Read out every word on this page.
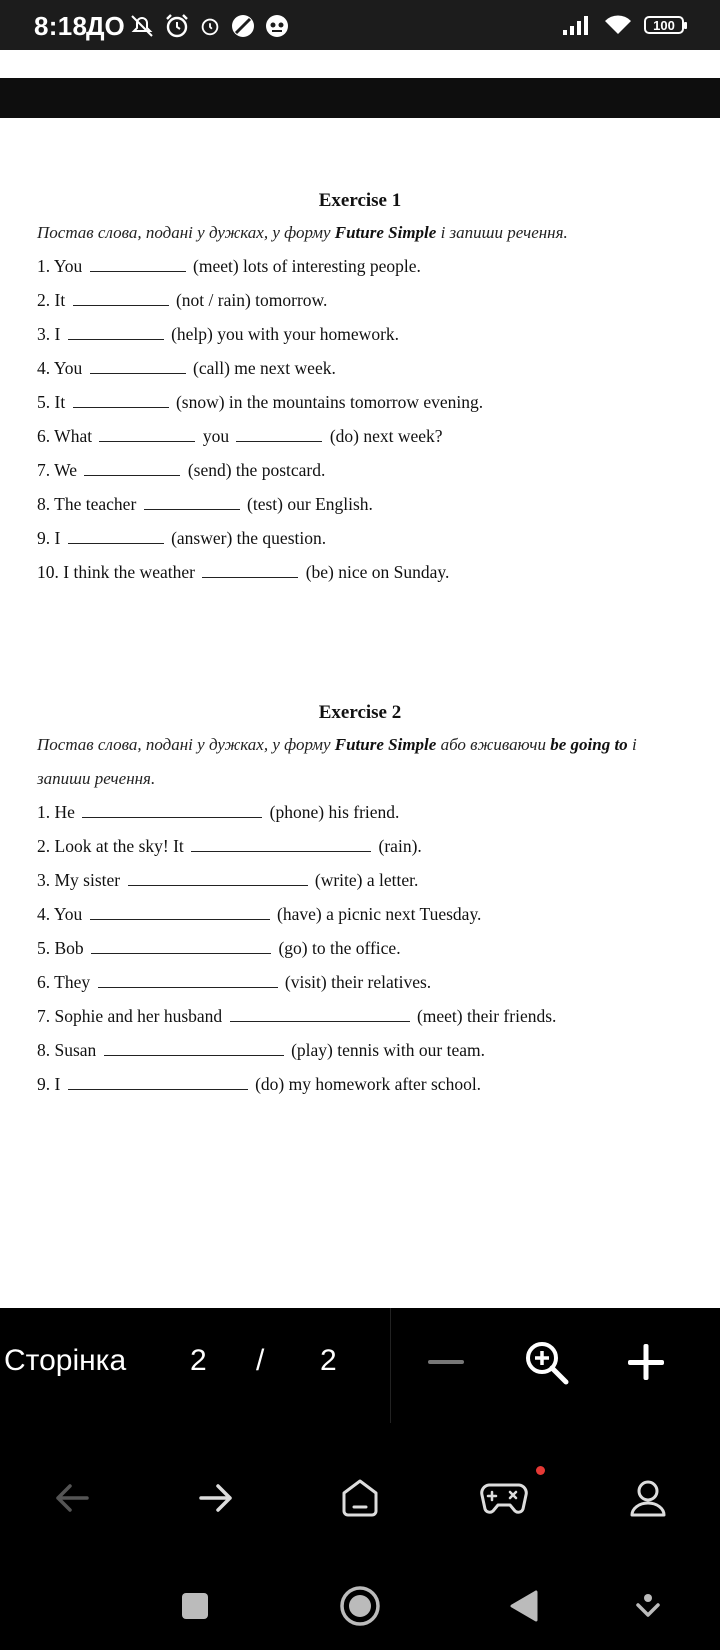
8:18
ДО	100
Exercise 1
Постав слова, подані у дужках, у форму Future Simple і запиши речення.
1. You	(meet) lots of interesting people.
2. It	(not / rain) tomorrow.
3. I	(help) you with your homework.
4. You	(call) me next week.
5. It	(snow) in the mountains tomorrow evening.
6. What	you	(do) next week?
7. We	(send) the postcard.
8. The teacher	(test) our English.
9. I	(answer) the question.
10. I think the weather	(be) nice on Sunday.
Exercise 2
Постав слова, подані у дужках, у форму Future Simple або вживаючи be going to і запиши речення.
1. He	(phone) his friend.
2. Look at the sky! It	(rain).
3. My sister	(write) a letter.
4. You	(have) a picnic next Tuesday.
5. Bob	(go) to the office.
6. They	(visit) their relatives.
7. Sophie and her husband	(meet) their friends.
8. Susan	(play) tennis with our team.
9. I	(do) my homework after school.
Сторінка 2 / 2
